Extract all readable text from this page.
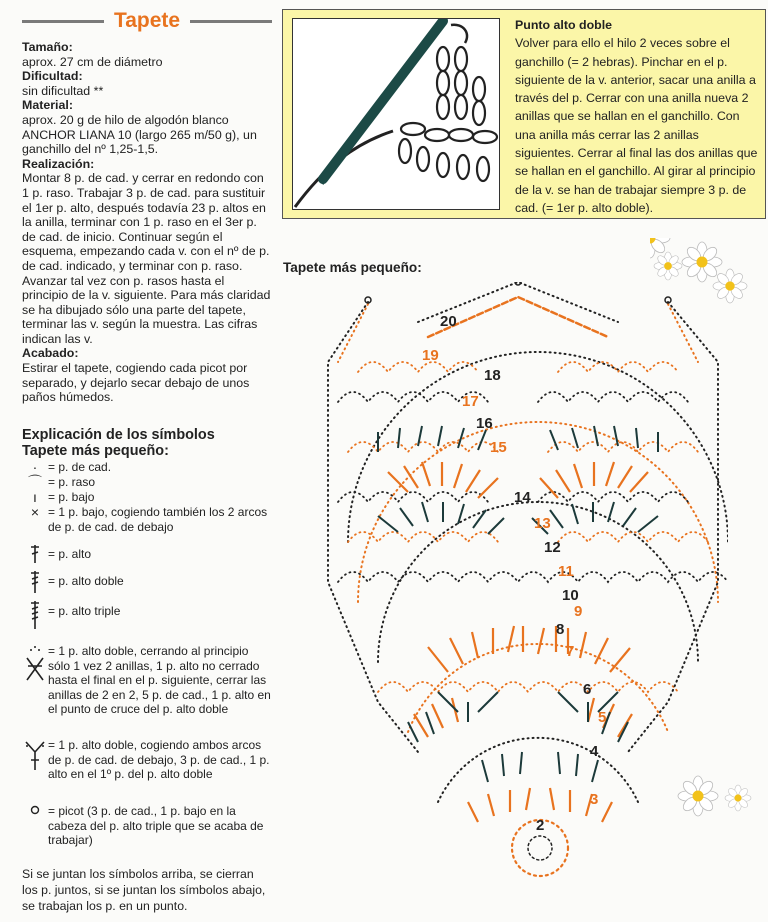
Tapete
Tamaño:

aprox. 27 cm de diámetro

Dificultad:

sin dificultad **

Material:

aprox. 20 g de hilo de algodón blanco ANCHOR LIANA 10 (largo 265 m/50 g), un ganchillo del nº 1,25-1,5.

Realización:

Montar 8 p. de cad. y cerrar en redondo con 1 p. raso. Trabajar 3 p. de cad. para sustituir el 1er p. alto, después todavía 23 p. altos en la anilla, terminar con 1 p. raso en el 3er p. de cad. de inicio. Continuar según el esquema, empezando cada v. con el nº de p. de cad. indicado, y terminar con p. raso. Avanzar tal vez con p. rasos hasta el principio de la v. siguiente. Para más claridad se ha dibujado sólo una parte del tapete, terminar las v. según la muestra. Las cifras indican las v.

Acabado:

Estirar el tapete, cogiendo cada picot por separado, y dejarlo secar debajo de unos paños húmedos.

Explicación de los símbolos
Tapete más pequeño:
· = p. de cad.
⌒ = p. raso
ı = p. bajo
× = 1 p. bajo, cogiendo también los 2 arcos de p. de cad. de debajo
= p. alto
= p. alto doble
= p. alto triple
= 1 p. alto doble, cerrando al principio sólo 1 vez 2 anillas, 1 p. alto no cerrado hasta el final en el p. siguiente, cerrar las anillas de 2 en 2, 5 p. de cad., 1 p. alto en el punto de cruce del p. alto doble
= 1 p. alto doble, cogiendo ambos arcos de p. de cad. de debajo, 3 p. de cad., 1 p. alto en el 1º p. del p. alto doble
= picot (3 p. de cad., 1 p. bajo en la cabeza del p. alto triple que se acaba de trabajar)
Si se juntan los símbolos arriba, se cierran los p. juntos, si se juntan los símbolos abajo, se trabajan los p. en un punto.
Punto alto doble
Volver para ello el hilo 2 veces sobre el ganchillo (= 2 hebras). Pinchar en el p. siguiente de la v. anterior, sacar una anilla a través del p. Cerrar con una anilla nueva 2 anillas que se hallan en el ganchillo. Con una anilla más cerrar las 2 anillas siguientes. Cerrar al final las dos anillas que se hallan en el ganchillo. Al girar al principio de la v. se han de trabajar siempre 3 p. de cad. (= 1er p. alto doble).
Tapete más pequeño:
2
3
4
5
6
7
8
9
10
11
12
13
14
15
16
17
18
19
20
